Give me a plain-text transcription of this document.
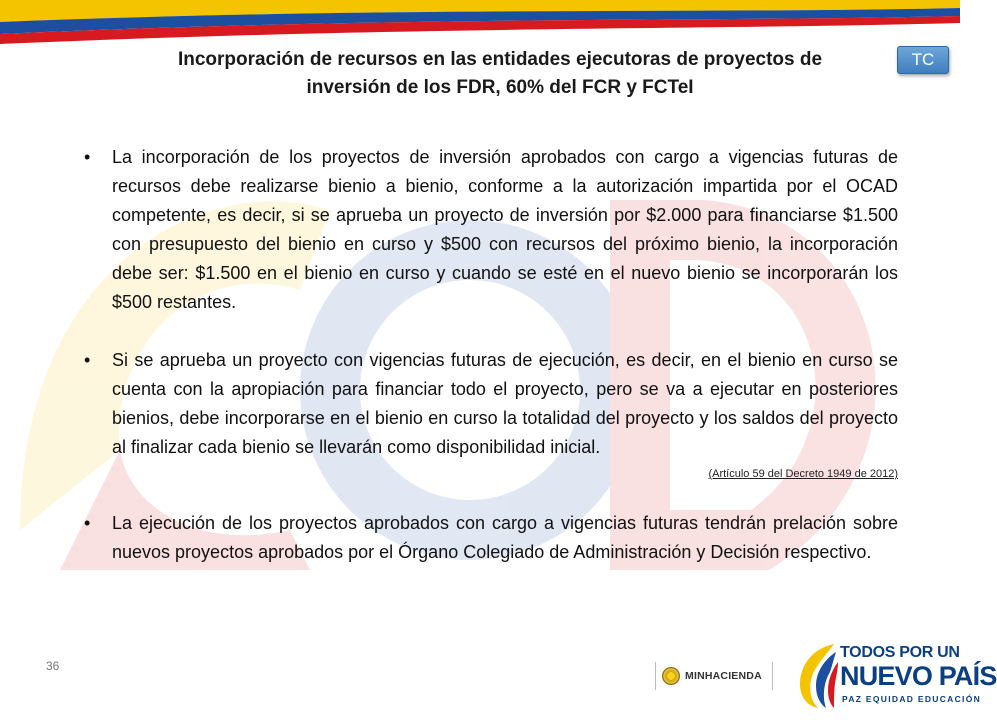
Incorporación de recursos en las entidades ejecutoras de proyectos de
inversión de los FDR, 60% del FCR y FCTeI
TC
• La incorporación de los proyectos de inversión aprobados con cargo a vigencias futuras de recursos debe realizarse bienio a bienio, conforme a la autorización impartida por el OCAD competente, es decir, si se aprueba un proyecto de inversión por $2.000 para financiarse $1.500 con presupuesto del bienio en curso y $500 con recursos del próximo bienio, la incorporación debe ser: $1.500 en el bienio en curso y cuando se esté en el nuevo bienio se incorporarán los $500 restantes.
• Si se aprueba un proyecto con vigencias futuras de ejecución, es decir, en el bienio en curso se cuenta con la apropiación para financiar todo el proyecto, pero se va a ejecutar en posteriores bienios, debe incorporarse en el bienio en curso la totalidad del proyecto y los saldos del proyecto al finalizar cada bienio se llevarán como disponibilidad inicial.
(Artículo 59 del Decreto 1949 de 2012)
• La ejecución de los proyectos aprobados con cargo a vigencias futuras tendrán prelación sobre nuevos proyectos aprobados por el Órgano Colegiado de Administración y Decisión respectivo.
36
MINHACIENDA
TODOS POR UN
NUEVO PAÍS
PAZ EQUIDAD EDUCACIÓN
